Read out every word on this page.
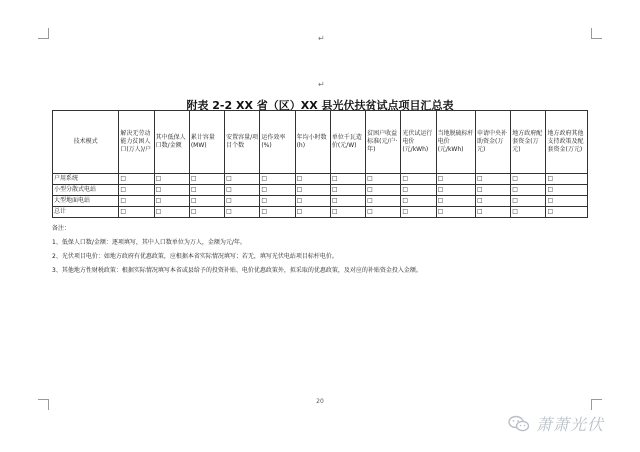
↵
↵
附表 2-2 XX 省（区）XX 县光伏扶贫试点项目汇总表
技术模式	解决无劳动能力贫困人口(万人)/户	其中低保人口数/金额	累计容量(MW)	安置容量/项目个数	运作效率(%)	年均小时数(h)	单位千瓦造价(元/W)	贫困户收益标准(元/户·年)	光伏试运行电价(元/kWh)	当地脱硫标杆电价(元/kWh)	申请中央补助资金(万元)	地方政府配套资金(万元)	地方政府其他支持政策及配套资金(万元)
户用系统	□	□	□	□	□	□	□	□	□	□	□	□	□
小型分散式电站	□	□	□	□	□	□	□	□	□	□	□	□	□
大型地面电站	□	□	□	□	□	□	□	□	□	□	□	□	□
总计	□	□	□	□	□	□	□	□	□	□	□	□	□
备注：
1、低保人口数/金额：逐项填写，其中人口数单位为万人，金额为元/年。
2、光伏项目电价：如地方政府有优惠政策，应根据本省实际情况填写；若无，填写光伏电站项目标杆电价。
3、其他地方性财税政策：根据实际情况填写本省或县给予的投资补贴、电价优惠政策外，拟采取的优惠政策，及对应的补贴资金投入金额。
20
萧萧光伏
